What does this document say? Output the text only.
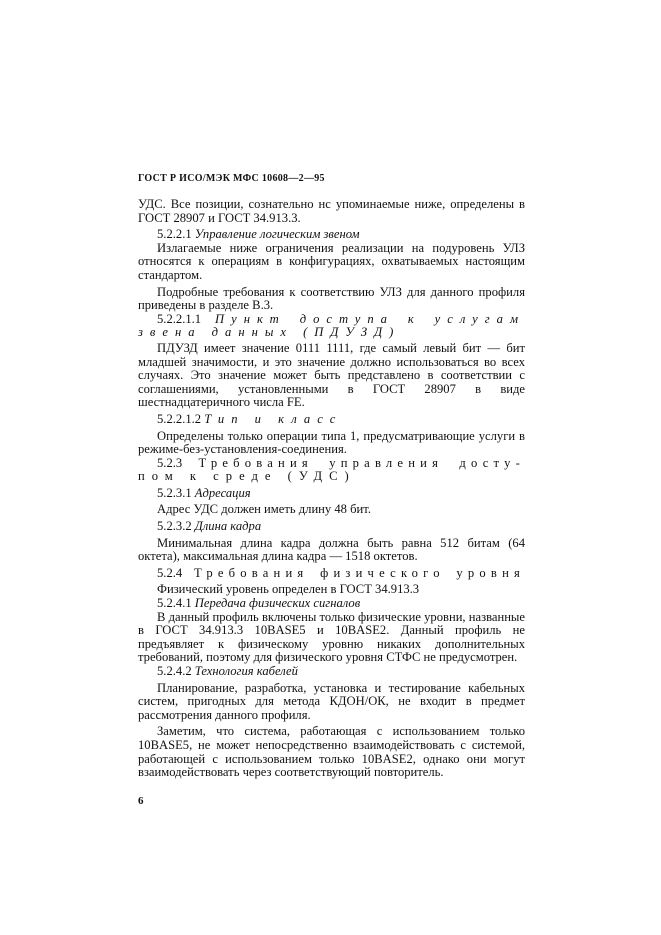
ГОСТ Р ИСО/МЭК МФС 10608—2—95

УДС. Все позиции, сознательно нс упоминаемые ниже, определены в ГОСТ 28907 и ГОСТ 34.913.3.

5.2.2.1 Управление логическим звеном

Излагаемые ниже ограничения реализации на подуровень УЛЗ относятся к операциям в конфигурациях, охватываемых настоящим стандартом.

Подробные требования к соответствию УЛЗ для данного профиля приведены в разделе В.3.

5.2.2.1.1 Пункт доступа к услугам

звена данных (ПДУЗД)

ПДУЗД имеет значение 0111 1111, где самый левый бит — бит младшей значимости, и это значение должно использоваться во всех случаях. Это значение может быть представлено в соответствии с соглашениями, установленными в ГОСТ 28907 в виде шестнадцатеричного числа FE.

5.2.2.1.2 Тип и класс

Определены только операции типа 1, предусматривающие услуги в режиме-без-установления-соединения.

5.2.3 Требования управления досту-

пом к среде (УДС)

5.2.3.1 Адресация

Адрес УДС должен иметь длину 48 бит.

5.2.3.2 Длина кадра

Минимальная длина кадра должна быть равна 512 битам (64 октета), максимальная длина кадра — 1518 октетов.

5.2.4 Требования физического уровня

Физический уровень определен в ГОСТ 34.913.3

5.2.4.1 Передача физических сигналов

В данный профиль включены только физические уровни, названные в ГОСТ 34.913.3 10BASE5 и 10BASE2. Данный профиль не предъявляет к физическому уровню никаких дополнительных требований, поэтому для физического уровня СТФС не предусмотрен.

5.2.4.2 Технология кабелей

Планирование, разработка, установка и тестирование кабельных систем, пригодных для метода КДОН/ОК, не входит в предмет рассмотрения данного профиля.

Заметим, что система, работающая с использованием только 10BASE5, не может непосредственно взаимодействовать с системой, работающей с использованием только 10BASE2, однако они могут взаимодействовать через соответствующий повторитель.

6
